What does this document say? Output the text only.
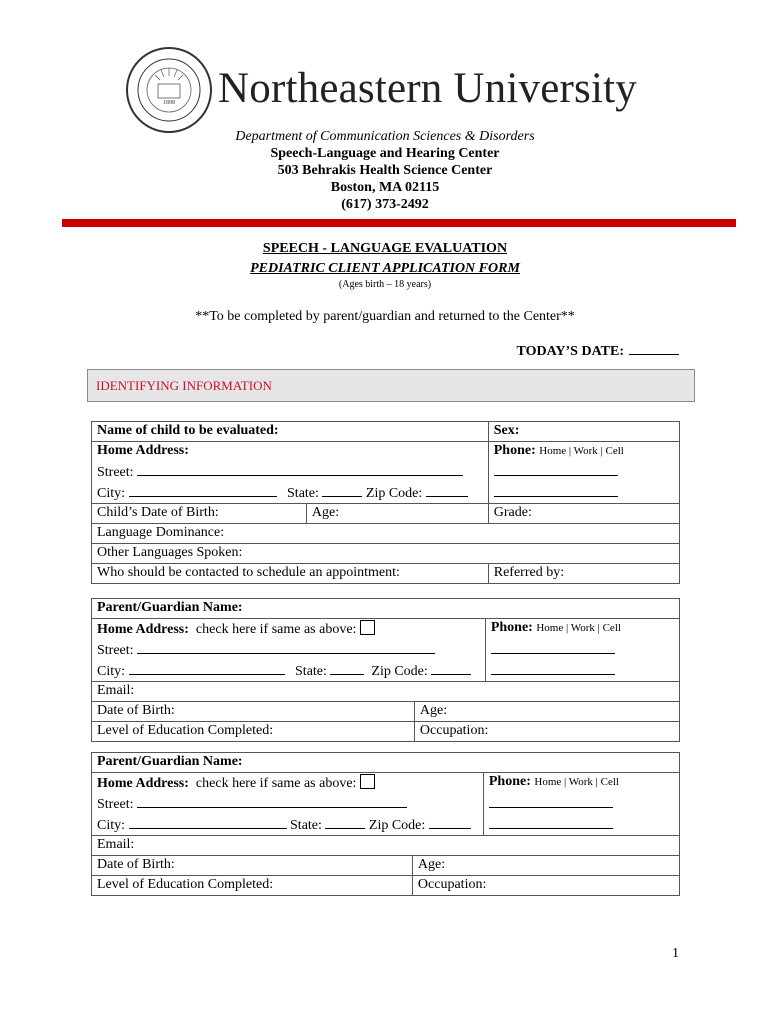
1898 Northeastern University
Department of Communication Sciences & Disorders
Speech-Language and Hearing Center
503 Behrakis Health Science Center
Boston, MA 02115
(617) 373-2492
SPEECH - LANGUAGE EVALUATION
PEDIATRIC CLIENT APPLICATION FORM
(Ages birth – 18 years)
**To be completed by parent/guardian and returned to the Center**
TODAY’S DATE:
IDENTIFYING INFORMATION
Name of child to be evaluated:		Sex:
Home Address:		Phone: Home | Work | Cell
Street:		
City: State: Zip Code:		
Child’s Date of Birth:	Age:	Grade:
Language Dominance:		
Other Languages Spoken:		
Who should be contacted to schedule an appointment:		Referred by:
Parent/Guardian Name:		
Home Address: check here if same as above:		Phone: Home | Work | Cell
Street:		
City: State: Zip Code:		
Email:		
Date of Birth:	Age:	
Level of Education Completed:	Occupation:	
Parent/Guardian Name:		
Home Address: check here if same as above:		Phone: Home | Work | Cell
Street:		
City: State: Zip Code:		
Email:		
Date of Birth:	Age:	
Level of Education Completed:	Occupation:	
1
